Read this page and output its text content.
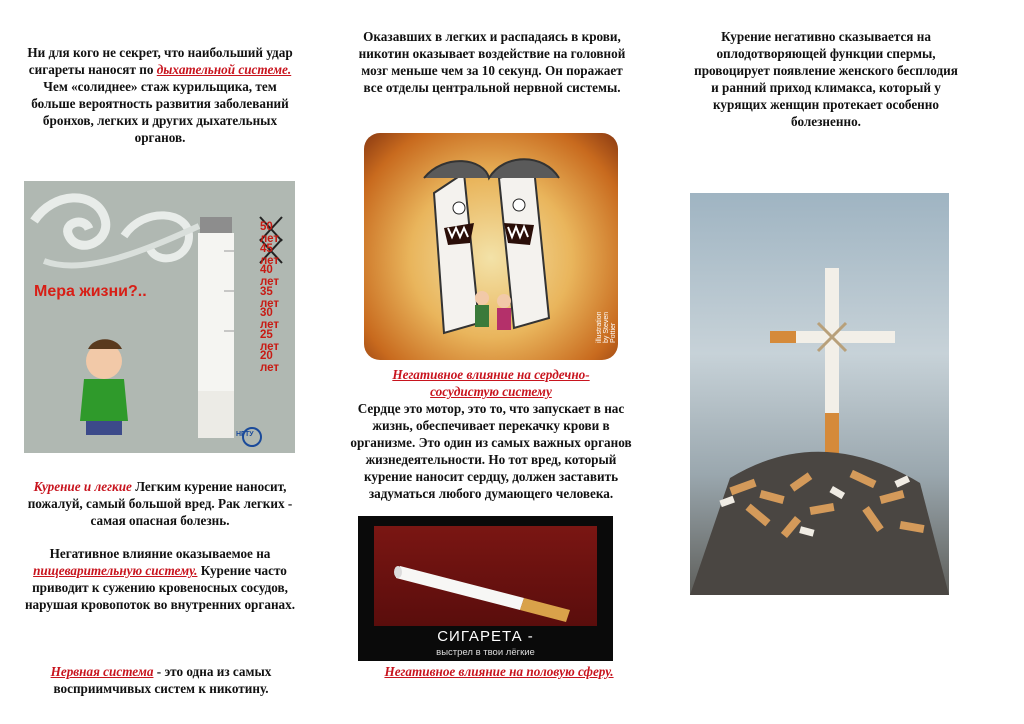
Ни для кого не секрет, что наибольший удар сигареты наносят по дыхательной системе. Чем «солиднее» стаж курильщика, тем больше вероятность развития заболеваний бронхов, легких и других дыхательных органов.
Мера жизни?..
50 лет
45 лет
40 лет
35 лет
30 лет
25 лет
20 лет
НГТУ
Курение и легкие Легким курение наносит, пожалуй, самый большой вред. Рак легких - самая опасная болезнь.
Негативное влияние оказываемое на пищеварительную систему. Курение часто приводит к сужению кровеносных сосудов, нарушая кровопоток во внутренних органах.
Нервная система - это одна из самых восприимчивых систем к никотину.
Оказавших в легких и распадаясь в крови, никотин оказывает воздействие на головной мозг меньше чем за 10 секунд. Он поражает все отделы центральной нервной системы.
illustration by Steven Pottier
Негативное влияние на сердечно-сосудистую систему
Сердце это мотор, это то, что запускает в нас жизнь, обеспечивает перекачку крови в организме. Это один из самых важных органов жизнедеятельности. Но тот вред, который курение наносит сердцу, должен заставить задуматься любого думающего человека.
СИГАРЕТА -
выстрел в твои лёгкие
Негативное влияние на половую сферу.
Курение негативно сказывается на оплодотворяющей функции спермы, провоцирует появление женского бесплодия и ранний приход климакса, который у курящих женщин протекает особенно болезненно.
